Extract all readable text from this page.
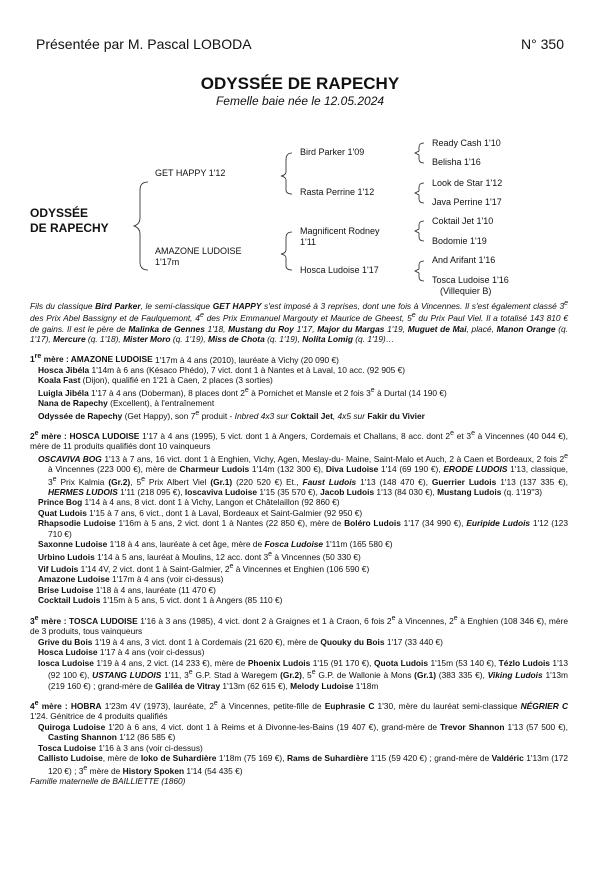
Présentée par M. Pascal LOBODA	N° 350
ODYSSÉE DE RAPECHY
Femelle baie née le 12.05.2024
ODYSSÉE
DE RAPECHY
GET HAPPY 1'12
AMAZONE LUDOISE
1'17m
Bird Parker 1'09
Rasta Perrine 1'12
Magnificent Rodney
1'11
Hosca Ludoise 1'17
Ready Cash 1'10
Belisha 1'16
Look de Star 1'12
Java Perrine 1'17
Coktail Jet 1'10
Bodomie 1'19
And Arifant 1'16
Tosca Ludoise 1'16
(Villequier B)

Fils du classique Bird Parker, le semi-classique GET HAPPY s'est imposé à 3 reprises, dont une fois à Vincennes. Il s'est également classé 3e des Prix Abel Bassigny et de Faulquemont, 4e des Prix Emmanuel Margouty et Maurice de Gheest, 5e du Prix Paul Viel. Il a totalisé 143 810 € de gains. Il est le père de Malinka de Gennes 1'18, Mustang du Roy 1'17, Major du Margas 1'19, Muguet de Mai, placé, Manon Orange (q. 1'17), Mercure (q. 1'18), Mister Moro (q. 1'19), Miss de Chota (q. 1'19), Nolita Lomig (q. 1'19)…

1re mère : AMAZONE LUDOISE 1'17m à 4 ans (2010), lauréate à Vichy (20 090 €)

Hosca Jibéla 1'14m à 6 ans (Késaco Phédo), 7 vict. dont 1 à Nantes et à Laval, 10 acc. (92 905 €)

Koala Fast (Dijon), qualifié en 1'21 à Caen, 2 places (3 sorties)

Luigla Jibéla 1'17 à 4 ans (Doberman), 8 places dont 2e à Pornichet et Mansle et 2 fois 3e à Durtal (14 190 €)

Nana de Rapechy (Excellent), à l'entraînement

Odyssée de Rapechy (Get Happy), son 7e produit - Inbred 4x3 sur Coktail Jet, 4x5 sur Fakir du Vivier

2e mère : HOSCA LUDOISE 1'17 à 4 ans (1995), 5 vict. dont 1 à Angers, Cordemais et Challans, 8 acc. dont 2e et 3e à Vincennes (40 044 €), mère de 11 produits qualifiés dont 10 vainqueurs

OSCAVIVA BOG 1'13 à 7 ans, 16 vict. dont 1 à Enghien, Vichy, Agen, Meslay-du- Maine, Saint-Malo et Auch, 2 à Caen et Bordeaux, 2 fois 2e à Vincennes (223 000 €), mère de Charmeur Ludois 1'14m (132 300 €), Diva Ludoise 1'14 (69 190 €), ERODE LUDOIS 1'13, classique, 3e Prix Kalmia (Gr.2), 5e Prix Albert Viel (Gr.1) (220 520 €) Et., Faust Ludois 1'13 (148 470 €), Guerrier Ludois 1'13 (137 335 €), HERMES LUDOIS 1'11 (218 095 €), Ioscaviva Ludoise 1'15 (35 570 €), Jacob Ludois 1'13 (84 030 €), Mustang Ludois (q. 1'19''3)

Prince Bog 1'14 à 4 ans, 8 vict. dont 1 à Vichy, Langon et Châtelaillon (92 860 €)

Quat Ludois 1'15 à 7 ans, 6 vict., dont 1 à Laval, Bordeaux et Saint-Galmier (92 950 €)

Rhapsodie Ludoise 1'16m à 5 ans, 2 vict. dont 1 à Nantes (22 850 €), mère de Boléro Ludois 1'17 (34 990 €), Euripide Ludois 1'12 (123 710 €)

Saxonne Ludoise 1'18 à 4 ans, lauréate à cet âge, mère de Fosca Ludoise 1'11m (165 580 €)

Urbino Ludois 1'14 à 5 ans, lauréat à Moulins, 12 acc. dont 3e à Vincennes (50 330 €)

Vif Ludois 1'14 4V, 2 vict. dont 1 à Saint-Galmier, 2e à Vincennes et Enghien (106 590 €)

Amazone Ludoise 1'17m à 4 ans (voir ci-dessus)

Brise Ludoise 1'18 à 4 ans, lauréate (11 470 €)

Cocktail Ludois 1'15m à 5 ans, 5 vict. dont 1 à Angers (85 110 €)

3e mère : TOSCA LUDOISE 1'16 à 3 ans (1985), 4 vict. dont 2 à Graignes et 1 à Craon, 6 fois 2e à Vincennes, 2e à Enghien (108 346 €), mère de 3 produits, tous vainqueurs

Grive du Bois 1'19 à 4 ans, 3 vict. dont 1 à Cordemais (21 620 €), mère de Quouky du Bois 1'17 (33 440 €)

Hosca Ludoise 1'17 à 4 ans (voir ci-dessus)

Iosca Ludoise 1'19 à 4 ans, 2 vict. (14 233 €), mère de Phoenix Ludois 1'15 (91 170 €), Quota Ludois 1'15m (53 140 €), Tézlo Ludois 1'13 (92 100 €), USTANG LUDOIS 1'11, 3e G.P. Stad à Waregem (Gr.2), 5e G.P. de Wallonie à Mons (Gr.1) (383 335 €), Viking Ludois 1'13m (219 160 €) ; grand-mère de Galiléa de Vitray 1'13m (62 615 €), Melody Ludoise 1'18m

4e mère : HOBRA 1'23m 4V (1973), lauréate, 2e à Vincennes, petite-fille de Euphrasie C 1'30, mère du lauréat semi-classique NÉGRIER C 1'24. Génitrice de 4 produits qualifiés

Quiroga Ludoise 1'20 à 6 ans, 4 vict. dont 1 à Reims et à Divonne-les-Bains (19 407 €), grand-mère de Trevor Shannon 1'13 (57 500 €), Casting Shannon 1'12 (86 585 €)

Tosca Ludoise 1'16 à 3 ans (voir ci-dessus)

Callisto Ludoise, mère de Ioko de Suhardière 1'18m (75 169 €), Rams de Suhardière 1'15 (59 420 €) ; grand-mère de Valdéric 1'13m (172 120 €) ; 3e mère de History Spoken 1'14 (54 435 €)

Famille maternelle de BAILLIETTE (1860)
